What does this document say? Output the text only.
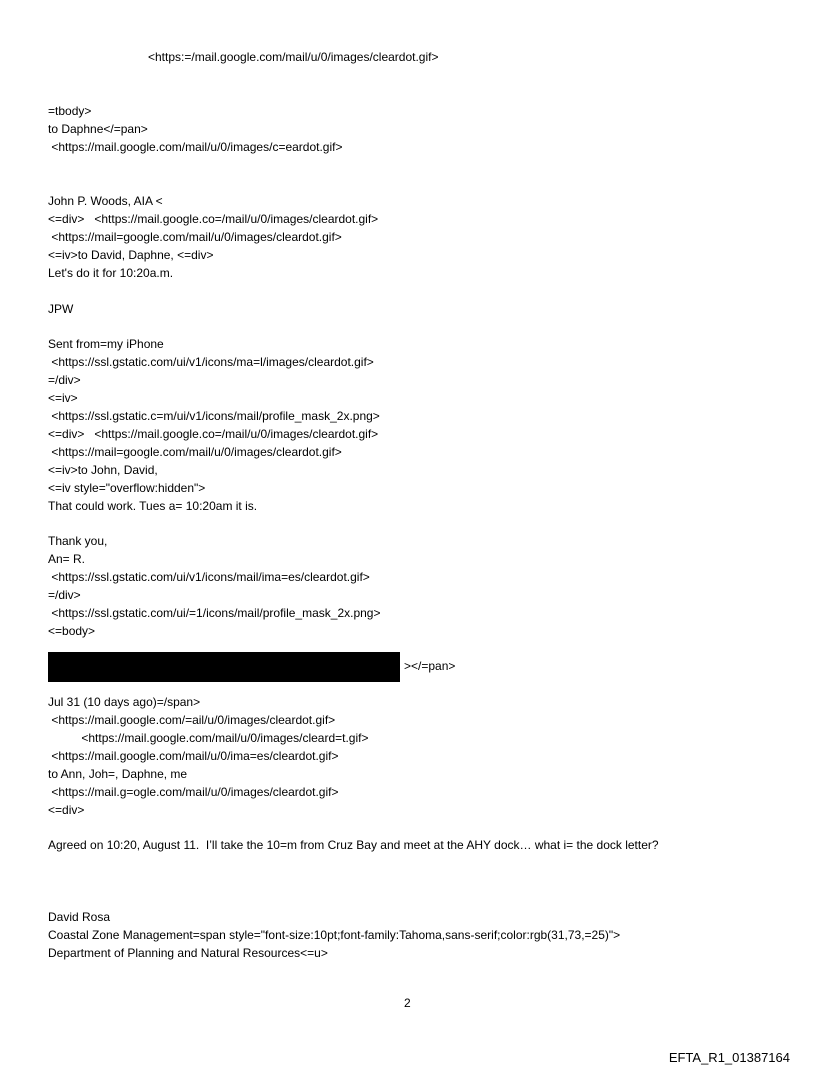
<https:=/mail.google.com/mail/u/0/images/cleardot.gif>
=tbody>
to Daphne</=pan>
<https://mail.google.com/mail/u/0/images/c=eardot.gif>
John P. Woods, AIA <
<=div>   <https://mail.google.co=/mail/u/0/images/cleardot.gif>
<https://mail=google.com/mail/u/0/images/cleardot.gif>
<=iv>to David, Daphne, <=div>
Let's do it for 10:20a.m.
JPW
Sent from=my iPhone
<https://ssl.gstatic.com/ui/v1/icons/ma=l/images/cleardot.gif>
=/div>
<=iv>
<https://ssl.gstatic.c=m/ui/v1/icons/mail/profile_mask_2x.png>
<=div>   <https://mail.google.co=/mail/u/0/images/cleardot.gif>
<https://mail=google.com/mail/u/0/images/cleardot.gif>
<=iv>to John, David,
<=iv style="overflow:hidden">
That could work. Tues a= 10:20am it is.
Thank you,
An= R.
<https://ssl.gstatic.com/ui/v1/icons/mail/ima=es/cleardot.gif>
=/div>
<https://ssl.gstatic.com/ui/=1/icons/mail/profile_mask_2x.png>
<=body>
></=pan>
Jul 31 (10 days ago)=/span>
<https://mail.google.com/=ail/u/0/images/cleardot.gif>
<https://mail.google.com/mail/u/0/images/cleard=t.gif>
<https://mail.google.com/mail/u/0/ima=es/cleardot.gif>
to Ann, Joh=, Daphne, me
<https://mail.g=ogle.com/mail/u/0/images/cleardot.gif>
<=div>
Agreed on 10:20, August 11.  I’ll take the 10=m from Cruz Bay and meet at the AHY dock… what i= the dock letter?
David Rosa
Coastal Zone Management=span style="font-size:10pt;font-family:Tahoma,sans-serif;color:rgb(31,73,=25)">
Department of Planning and Natural Resources<=u>
2
EFTA_R1_01387164
